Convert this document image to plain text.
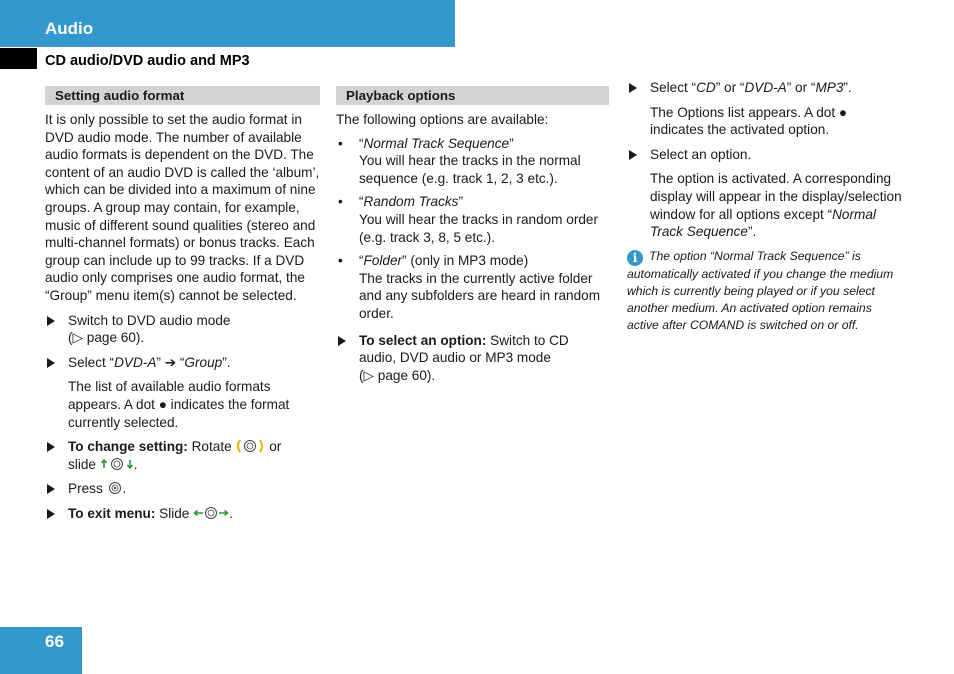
Audio
CD audio/DVD audio and MP3
Setting audio format

It is only possible to set the audio format in DVD audio mode. The number of available audio formats is dependent on the DVD. The content of an audio DVD is called the ‘album’, which can be divided into a maximum of nine groups. A group may contain, for example, music of different sound qualities (stereo and multi-channel formats) or bonus tracks. Each group can include up to 99 tracks. If a DVD audio only comprises one audio format, the “Group” menu item(s) cannot be selected.

Switch to DVD audio mode
(▷ page 60).
Select “DVD-A” ➔ “Group”.

The list of available audio formats appears. A dot ● indicates the format currently selected.

To change setting: Rotate	or
slide	.
Press .
To exit menu: Slide	.
Playback options

The following options are available:

• “Normal Track Sequence”
You will hear the tracks in the normal sequence (e.g. track 1, 2, 3 etc.).
• “Random Tracks”
You will hear the tracks in random order (e.g. track 3, 8, 5 etc.).
• “Folder” (only in MP3 mode)
The tracks in the currently active folder and any subfolders are heard in random order.
To select an option: Switch to CD audio, DVD audio or MP3 mode
(▷ page 60).
Select “CD” or “DVD-A” or “MP3”.

The Options list appears. A dot ● indicates the activated option.

Select an option.

The option is activated. A corresponding display will appear in the display/selection window for all options except “Normal Track Sequence”.

i The option “Normal Track Sequence” is automatically activated if you change the medium which is currently being played or if you select another medium. An activated option remains active after COMAND is switched on or off.

66
